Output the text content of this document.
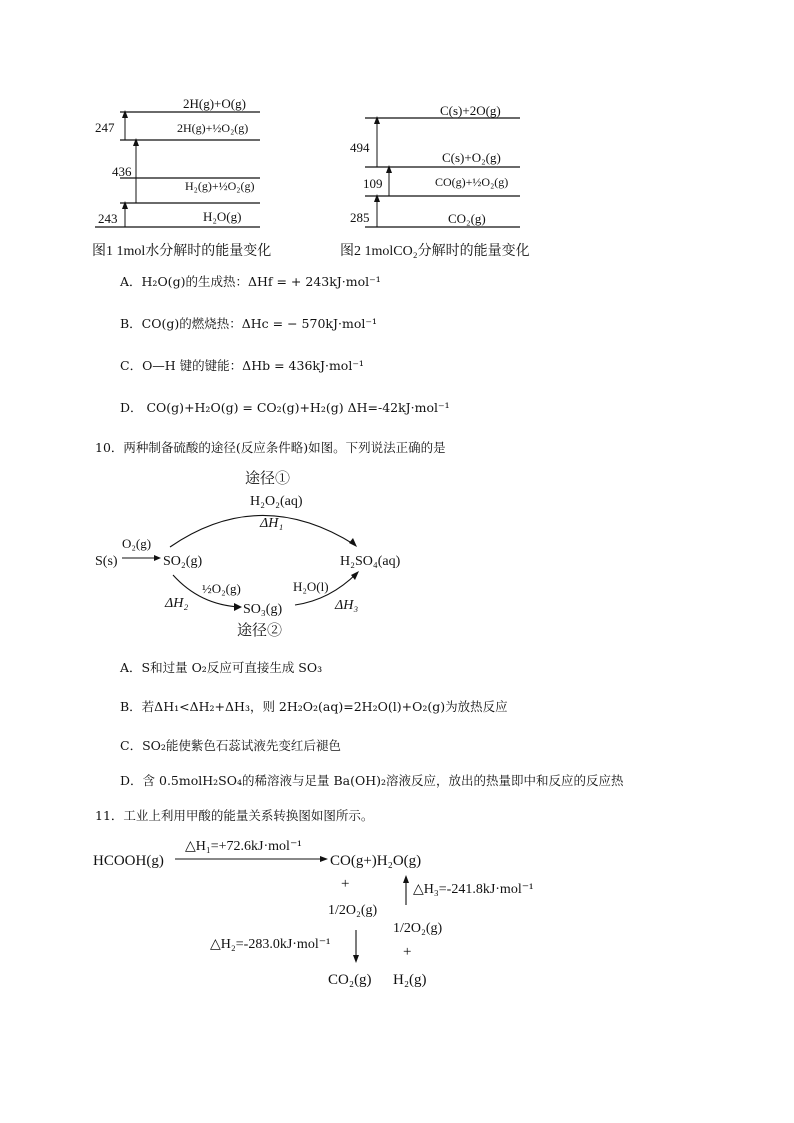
247
436
243
2H(g)+O(g)
2H(g)+½O₂(g)
H₂(g)+½O₂(g)
H₂O(g)
图1 1mol水分解时的能量变化
494
109
285
C(s)+2O(g)
C(s)+O₂(g)
CO(g)+½O₂(g)
CO₂(g)
图2 1molCO₂分解时的能量变化
A．H₂O(g)的生成热：ΔHf = + 243kJ·mol⁻¹
B．CO(g)的燃烧热：ΔHc = − 570kJ·mol⁻¹
C．O—H 键的键能：ΔHb = 436kJ·mol⁻¹
D． CO(g)+H₂O(g) = CO₂(g)+H₂(g) ΔH=-42kJ·mol⁻¹
10．两种制备硫酸的途径(反应条件略)如图。下列说法正确的是
途径①
H₂O₂(aq)
ΔH₁
S(s)
O₂(g)
SO₂(g)	H₂SO₄(aq)
½O₂(g)
ΔH₂	SO₃(g)
H₂O(l)
ΔH₃
途径②
A．S和过量 O₂反应可直接生成 SO₃
B．若ΔH₁<ΔH₂+ΔH₃，则 2H₂O₂(aq)=2H₂O(l)+O₂(g)为放热反应
C．SO₂能使紫色石蕊试液先变红后褪色
D．含 0.5molH₂SO₄的稀溶液与足量 Ba(OH)₂溶液反应，放出的热量即中和反应的反应热
11．工业上利用甲酸的能量关系转换图如图所示。
△H₁=+72.6kJ·mol⁻¹
HCOOH(g)	CO(g+)H₂O(g)
+	△H₃=-241.8kJ·mol⁻¹
1/2O₂(g)
1/2O₂(g)
△H₂=-283.0kJ·mol⁻¹	+
CO₂(g) H₂(g)
